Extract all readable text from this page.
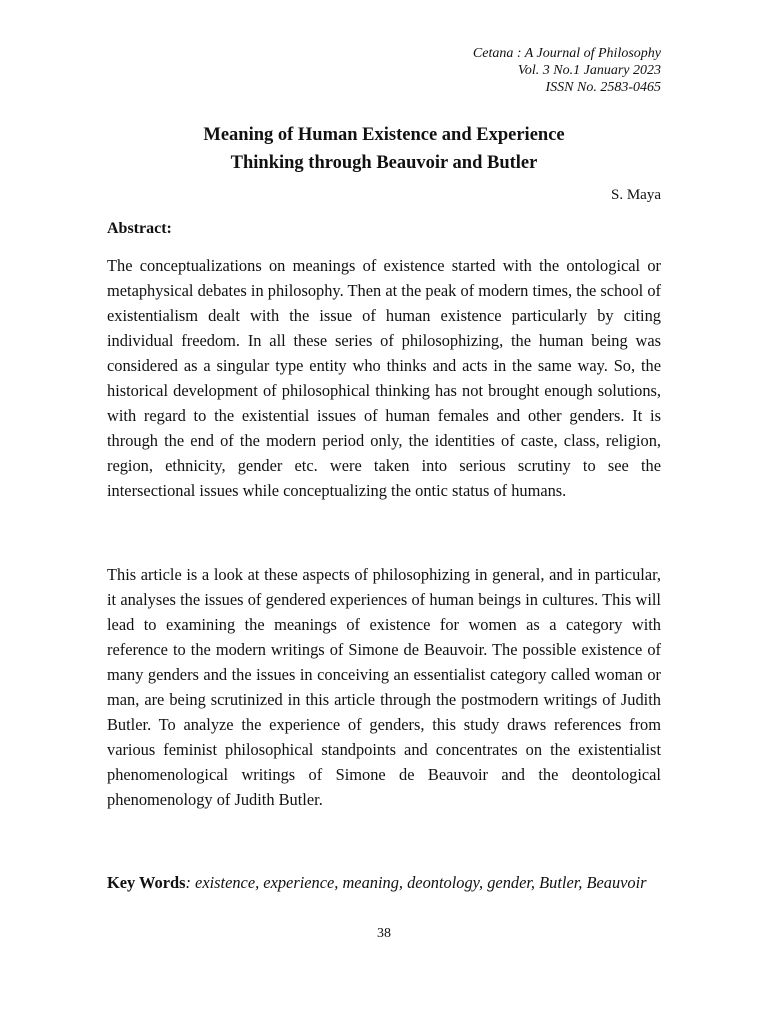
Cetana : A Journal of Philosophy
Vol. 3 No.1 January 2023
ISSN No. 2583-0465
Meaning of Human Existence and Experience
Thinking through Beauvoir and Butler
S. Maya
Abstract:

The conceptualizations on meanings of existence started with the ontological or metaphysical debates in philosophy. Then at the peak of modern times, the school of existentialism dealt with the issue of human existence particularly by citing individual freedom. In all these series of philosophizing, the human being was considered as a singular type entity who thinks and acts in the same way. So, the historical development of philosophical thinking has not brought enough solutions, with regard to the existential issues of human females and other genders. It is through the end of the modern period only, the identities of caste, class, religion, region, ethnicity, gender etc. were taken into serious scrutiny to see the intersectional issues while conceptualizing the ontic status of humans.

This article is a look at these aspects of philosophizing in general, and in particular, it analyses the issues of gendered experiences of human beings in cultures. This will lead to examining the meanings of existence for women as a category with reference to the modern writings of Simone de Beauvoir. The possible existence of many genders and the issues in conceiving an essentialist category called woman or man, are being scrutinized in this article through the postmodern writings of Judith Butler. To analyze the experience of genders, this study draws references from various feminist philosophical standpoints and concentrates on the existentialist phenomenological writings of Simone de Beauvoir and the deontological phenomenology of Judith Butler.

Key Words: existence, experience, meaning, deontology, gender, Butler, Beauvoir

38
